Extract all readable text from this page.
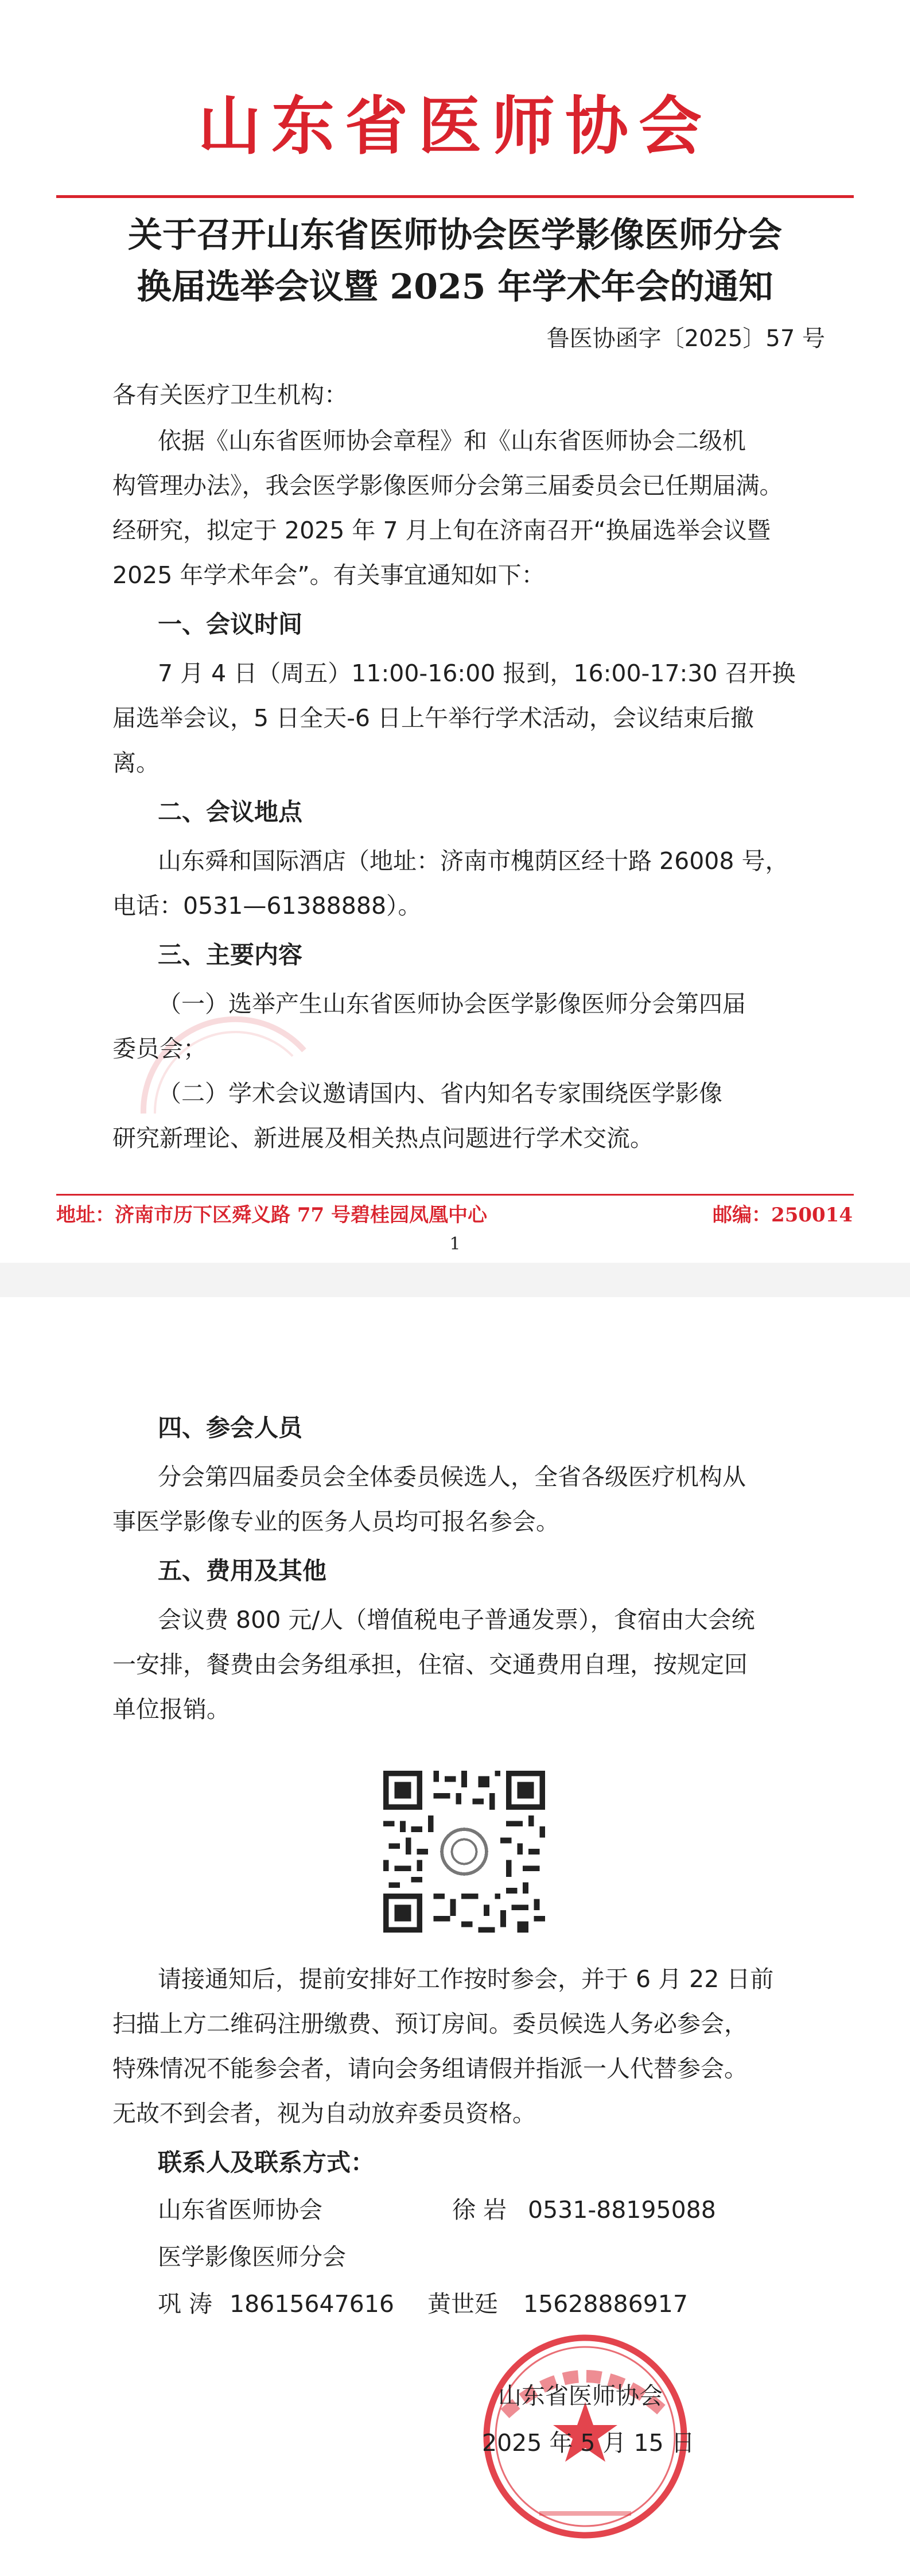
山东省医师协会
关于召开山东省医师协会医学影像医师分会
换届选举会议暨 2025 年学术年会的通知
鲁医协函字〔2025〕57 号
各有关医疗卫生机构：
依据《山东省医师协会章程》和《山东省医师协会二级机
构管理办法》，我会医学影像医师分会第三届委员会已任期届满。
经研究，拟定于 2025 年 7 月上旬在济南召开“换届选举会议暨
2025 年学术年会”。有关事宜通知如下：
一、会议时间
7 月 4 日（周五）11:00-16:00 报到，16:00-17:30 召开换
届选举会议，5 日全天-6 日上午举行学术活动，会议结束后撤
离。
二、会议地点
山东舜和国际酒店（地址：济南市槐荫区经十路 26008 号，
电话：0531—61388888）。
三、主要内容
（一）选举产生山东省医师协会医学影像医师分会第四届
委员会；
（二）学术会议邀请国内、省内知名专家围绕医学影像
研究新理论、新进展及相关热点问题进行学术交流。
地址：济南市历下区舜义路 77 号碧桂园凤凰中心	邮编：250014
1
四、参会人员
分会第四届委员会全体委员候选人，全省各级医疗机构从
事医学影像专业的医务人员均可报名参会。
五、费用及其他
会议费 800 元/人（增值税电子普通发票），食宿由大会统
一安排，餐费由会务组承担，住宿、交通费用自理，按规定回
单位报销。
请接通知后，提前安排好工作按时参会，并于 6 月 22 日前
扫描上方二维码注册缴费、预订房间。委员候选人务必参会，
特殊情况不能参会者，请向会务组请假并指派一人代替参会。
无故不到会者，视为自动放弃委员资格。
联系人及联系方式：
山东省医师协会	徐 岩 0531-88195088
医学影像医师分会
巩 涛 18615647616 黄世廷 15628886917
山东省医师协会
2025 年 5 月 15 日
